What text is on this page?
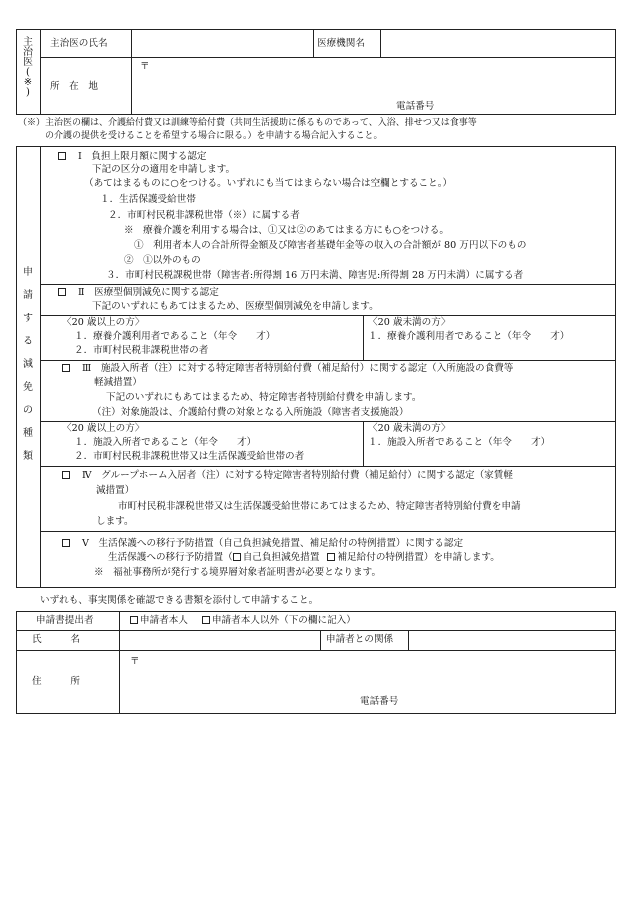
主
治
医
(
※
)
主治医の氏名	医療機関名
所　在　地
〒
電話番号
（※）主治医の欄は、介護給付費又は訓練等給付費（共同生活援助に係るものであって、入浴、排せつ又は食事等
の介護の提供を受けることを希望する場合に限る。）を申請する場合記入すること。
申
請
す
る
減
免
の
種
類
Ⅰ　負担上限月額に関する認定
下記の区分の適用を申請します。
（あてはまるものに○をつける。いずれにも当てはまらない場合は空欄とすること。）
１．生活保護受給世帯
２．市町村民税非課税世帯（※）に属する者
※　療養介護を利用する場合は、①又は②のあてはまる方にも○をつける。
①　利用者本人の合計所得金額及び障害者基礎年金等の収入の合計額が 80 万円以下のもの
②　①以外のもの
３．市町村民税課税世帯（障害者:所得割 16 万円未満、障害児:所得割 28 万円未満）に属する者
Ⅱ　医療型個別減免に関する認定
下記のいずれにもあてはまるため、医療型個別減免を申請します。
〈20 歳以上の方〉
１．療養介護利用者であること（年令　　才）
２．市町村民税非課税世帯の者
〈20 歳未満の方〉
１．療養介護利用者であること（年令　　才）
Ⅲ　施設入所者（注）に対する特定障害者特別給付費（補足給付）に関する認定（入所施設の食費等
軽減措置）
下記のいずれにもあてはまるため、特定障害者特別給付費を申請します。
（注）対象施設は、介護給付費の対象となる入所施設（障害者支援施設）
〈20 歳以上の方〉
１．施設入所者であること（年令　　才）
２．市町村民税非課税世帯又は生活保護受給世帯の者
〈20 歳未満の方〉
１．施設入所者であること（年令　　才）
Ⅳ　グループホーム入居者（注）に対する特定障害者特別給付費（補足給付）に関する認定（家賃軽
減措置）
市町村民税非課税世帯又は生活保護受給世帯にあてはまるため、特定障害者特別給付費を申請
します。
Ⅴ　生活保護への移行予防措置（自己負担減免措置、補足給付の特例措置）に関する認定
生活保護への移行予防措置（ 自己負担減免措置 補足給付の特例措置）を申請します。
※　福祉事務所が発行する境界層対象者証明書が必要となります。
いずれも、事実関係を確認できる書類を添付して申請すること。
申請書提出者	申請者本人	申請者本人以外（下の欄に記入）
氏　　　名	申請者との関係
住　　　所
〒
電話番号
